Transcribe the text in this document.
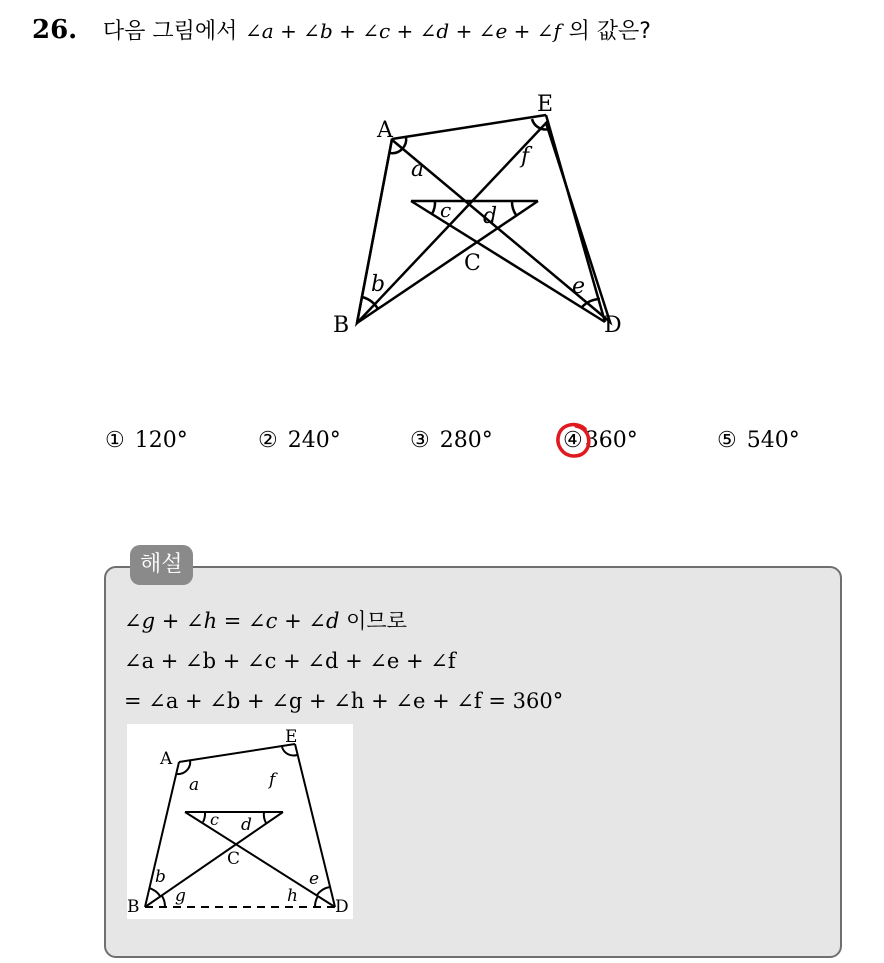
26. 다음 그림에서 ∠a + ∠b + ∠c + ∠d + ∠e + ∠f 의 값은?
A
E
C
B	D
a
f
c d
b	e
① 120°	② 240°	③ 280°	④ 360°	⑤ 540°
해설
∠g + ∠h = ∠c + ∠d 이므로
∠a + ∠b + ∠c + ∠d + ∠e + ∠f
= ∠a + ∠b + ∠g + ∠h + ∠e + ∠f = 360°
A
E
C
B	D
a	f
c d
b
g	h
e
